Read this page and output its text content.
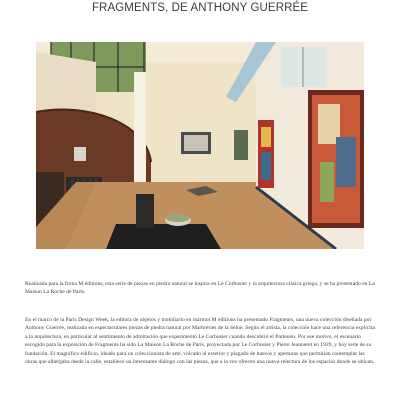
FRAGMENTS, DE ANTHONY GUERRÉE

Realizada para la firma M éditions, esta serie de piezas en piedra natural se inspira en Le Corbusier y la arquitectura clásica griega, y se ha presentado en La Maison La Roche de París.

En el marco de la Paris Design Week, la editora de objetos y mobiliario en mármol M éditions ha presentado Fragments, una nueva colección diseñada por Anthony Guerrée, realizada en espectaculares piezas de piedra natural por Marbreries de la Seine. Según el artista, la colección hace una referencia explícita a la arquitectura, en particular al sentimiento de admiración que experimentó Le Corbusier cuando descubrió el Partenón. Por ese motivo, el escenario escogido para la exposición de Fragments ha sido La Maison La Roche de París, proyectada por Le Corbusier y Pierre Jeanneret en 1929, y hoy sede de su fundación. El magnífico edificio, ideado para un coleccionista de arte, volcado al exterior y plagado de huecos y aperturas que permitían contemplar las obras que albergaba desde la calle, establece un interesante diálogo con las piezas, que a la vez ofrecen una nueva relectura de los espacios donde se ubican.
